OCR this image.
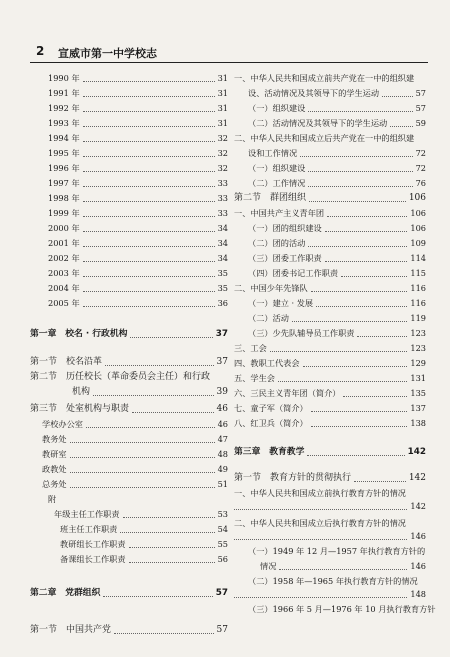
2 宣威市第一中学校志
1990 年	31
1991 年	31
1992 年	31
1993 年	31
1994 年	32
1995 年	32
1996 年	32
1997 年	33
1998 年	33
1999 年	33
2000 年	34
2001 年	34
2002 年	34
2003 年	35
2004 年	35
2005 年	36
第一章　校名 · 行政机构	37
第一节　校名沿革	37
第二节　历任校长（革命委员会主任）和行政
机构	39
第三节　处室机构与职责	46
学校办公室	46
教务处	47
教研室	48
政教处	49
总务处	51
附
年级主任工作职责	53
班主任工作职责	54
教研组长工作职责	55
备课组长工作职责	56
第二章　党群组织	57
第一节　中国共产党	57
一、中华人民共和国成立前共产党在一中的组织建
设、活动情况及其领导下的学生运动	57
（一）组织建设	57
（二）活动情况及其领导下的学生运动	59
二、中华人民共和国成立后共产党在一中的组织建
设和工作情况	72
（一）组织建设	72
（二）工作情况	76
第二节　群团组织	106
一、中国共产主义青年团	106
（一）团的组织建设	106
（二）团的活动	109
（三）团委工作职责	114
（四）团委书记工作职责	115
二、中国少年先锋队	116
（一）建立 · 发展	116
（二）活动	119
（三）少先队辅导员工作职责	123
三、工会	123
四、教职工代表会	129
五、学生会	131
六、三民主义青年团（简介）	135
七、童子军（简介）	137
八、红卫兵（简介）	138
第三章　教育教学	142
第一节　教育方针的贯彻执行	142
一、中华人民共和国成立前执行教育方针的情况
142
二、中华人民共和国成立后执行教育方针的情况
146
（一）1949 年 12 月—1957 年执行教育方针的
情况	146
（二）1958 年—1965 年执行教育方针的情况
148
（三）1966 年 5 月—1976 年 10 月执行教育方针
